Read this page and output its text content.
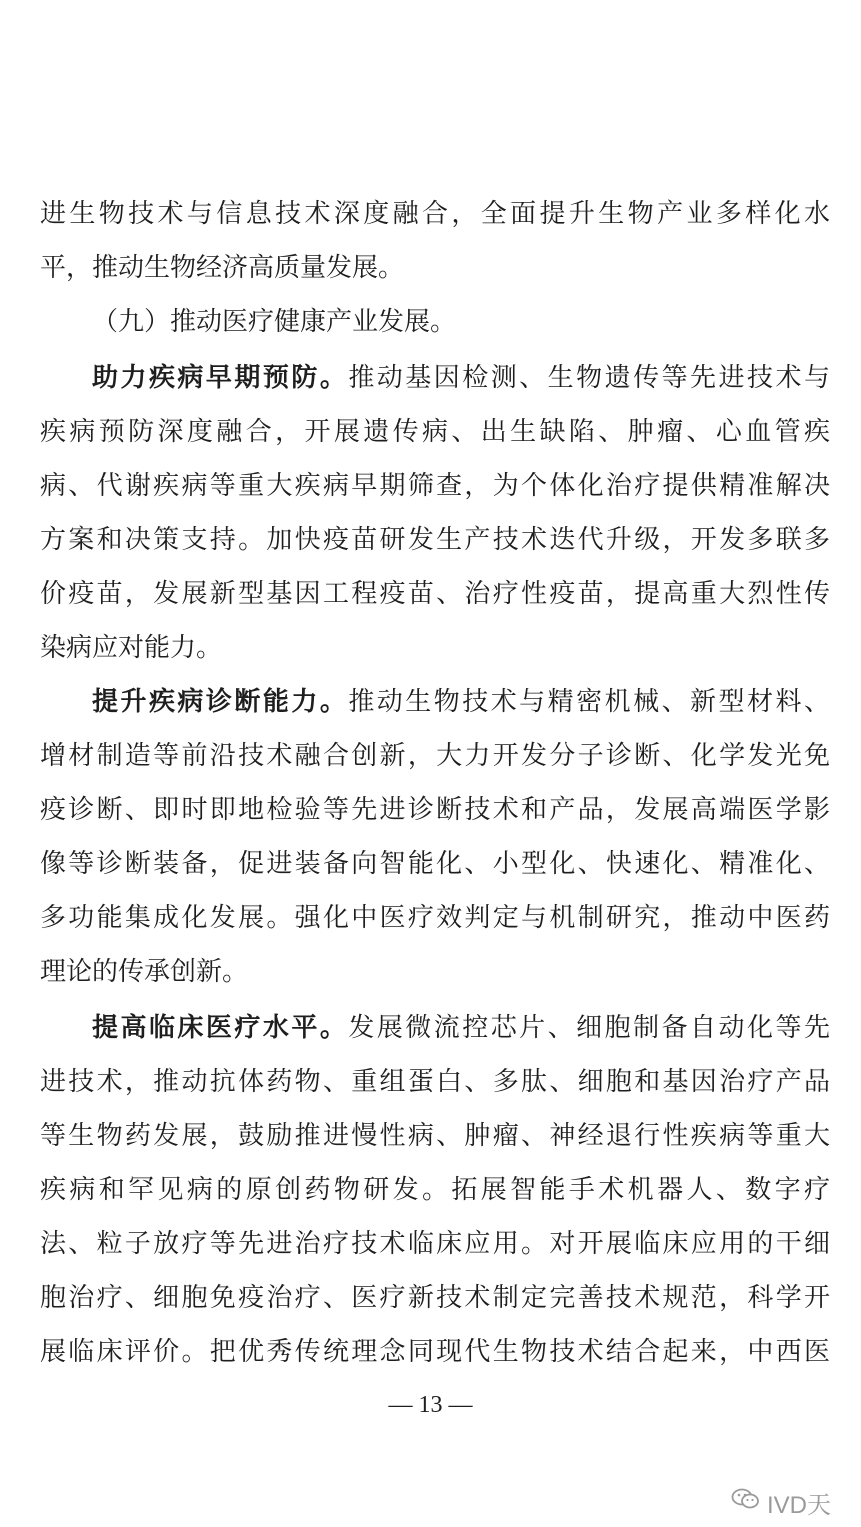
进生物技术与信息技术深度融合，全面提升生物产业多样化水
平，推动生物经济高质量发展。
（九）推动医疗健康产业发展。
助力疾病早期预防。推动基因检测、生物遗传等先进技术与
疾病预防深度融合，开展遗传病、出生缺陷、肿瘤、心血管疾
病、代谢疾病等重大疾病早期筛查，为个体化治疗提供精准解决
方案和决策支持。加快疫苗研发生产技术迭代升级，开发多联多
价疫苗，发展新型基因工程疫苗、治疗性疫苗，提高重大烈性传
染病应对能力。
提升疾病诊断能力。推动生物技术与精密机械、新型材料、
增材制造等前沿技术融合创新，大力开发分子诊断、化学发光免
疫诊断、即时即地检验等先进诊断技术和产品，发展高端医学影
像等诊断装备，促进装备向智能化、小型化、快速化、精准化、
多功能集成化发展。强化中医疗效判定与机制研究，推动中医药
理论的传承创新。
提高临床医疗水平。发展微流控芯片、细胞制备自动化等先
进技术，推动抗体药物、重组蛋白、多肽、细胞和基因治疗产品
等生物药发展，鼓励推进慢性病、肿瘤、神经退行性疾病等重大
疾病和罕见病的原创药物研发。拓展智能手术机器人、数字疗
法、粒子放疗等先进治疗技术临床应用。对开展临床应用的干细
胞治疗、细胞免疫治疗、医疗新技术制定完善技术规范，科学开
展临床评价。把优秀传统理念同现代生物技术结合起来，中西医
— 13 —
IVD天
